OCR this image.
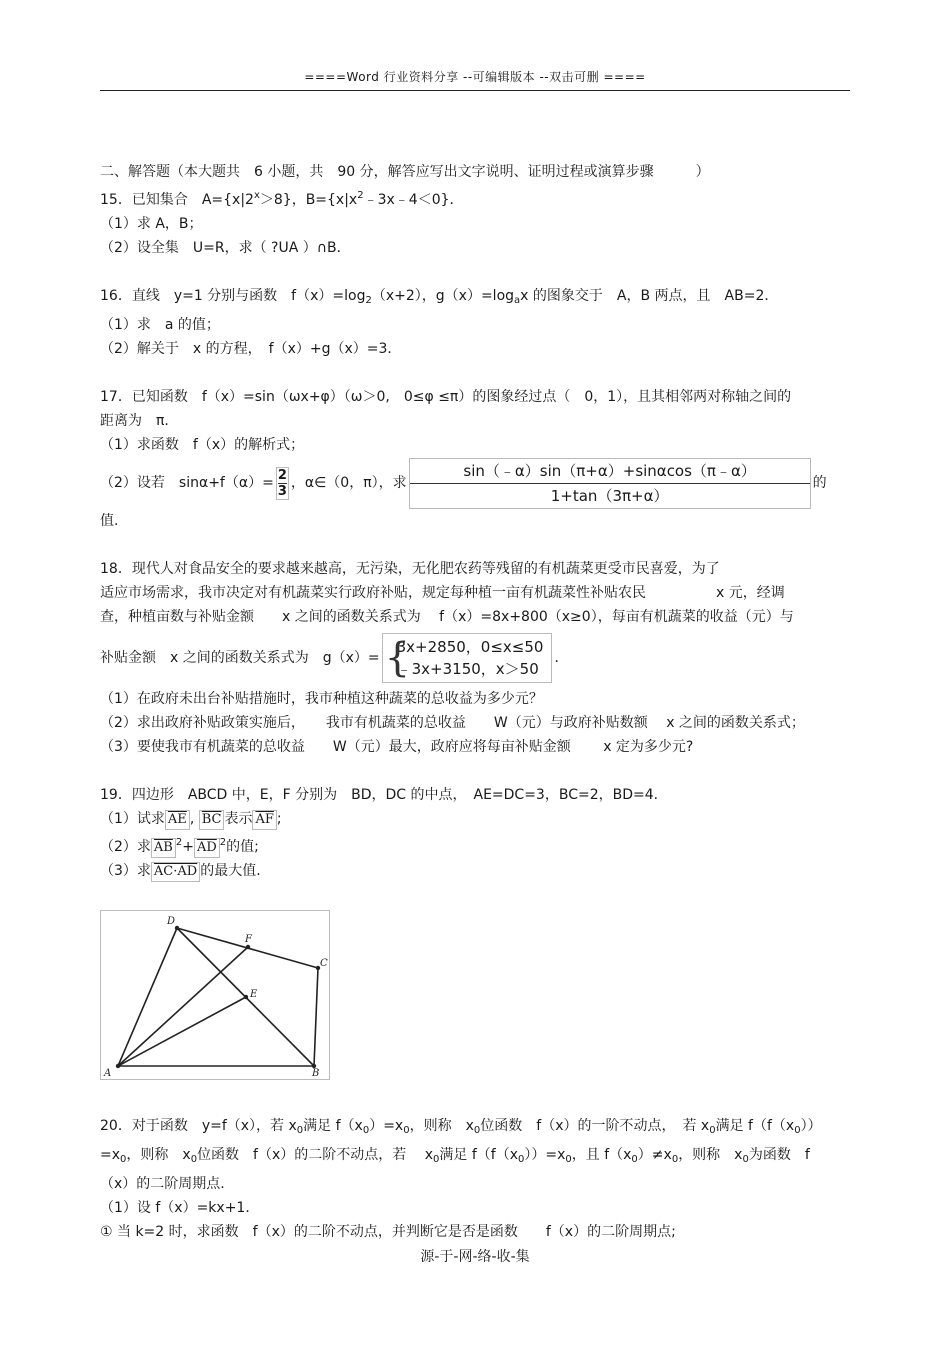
====Word 行业资料分享 --可编辑版本 --双击可删 ====
二、解答题（本大题共　6 小题，共　90 分，解答应写出文字说明、证明过程或演算步骤　　　）
15．已知集合　$A=\{x|2^x>8\}$，$B=\{x|x^2﹣3x﹣4<0\}$．
（1）求 A，B；
（2）设全集　U=R，求（ ?UA ）∩B．
16．直线　y=1 分别与函数　$f(x)=\log_2(x+2)$，$g(x)=\log_ax$ 的图象交于　A，B 两点，且　AB=2．
（1）求　a 的值；
（2）解关于　x 的方程，　f（x）+g（x）=3．
17．已知函数　f（x）=sin（ωx+φ）（ω＞0,　0≤φ ≤π）的图象经过点（　0，1），且其相邻两对称轴之间的
距离为　π.
（1）求函数　f（x）的解析式；
（2）设若　$\sin\alpha+f(\alpha)= \frac{2}{3}$ ，α∈（0，π），求 $\frac{\sin(﹣\alpha)\sin(\pi+\alpha)+\sin\alpha\cos(\pi﹣\alpha)}{1+\tan(3\pi+\alpha)}$ 的
值.
18．现代人对食品安全的要求越来越高，无污染，无化肥农药等残留的有机蔬菜更受市民喜爱，为了
适应市场需求，我市决定对有机蔬菜实行政府补贴，规定每种植一亩有机蔬菜性补贴农民　　　　　x 元，经调
查，种植亩数与补贴金额　　x 之间的函数关系式为　 f（x）=8x+800（x≥0），每亩有机蔬菜的收益（元）与
补贴金额　x 之间的函数关系式为　g（x）= {
3x+2850，0≤x≤50
﹣3x+3150，x＞50
．
（1）在政府未出台补贴措施时，我市种植这种蔬菜的总收益为多少元？
（2）求出政府补贴政策实施后，　　我市有机蔬菜的总收益　　W（元）与政府补贴数额　 x 之间的函数关系式；
（3）要使我市有机蔬菜的总收益　　W（元）最大，政府应将每亩补贴金额　　 x 定为多少元?
19．四边形　ABCD 中，E，F 分别为　BD，DC 的中点，　AE=DC=3，BC=2，BD=4．
（1）试求 $\overline{AE}$ , $\overline{BC}$ 表示 $\overline{AF}$ ;
（2）求 $\overline{AB}$ $^2+ \overline{AD}$ $^2$的值;
（3）求 AC·AD 的最大值.
A	B
C
D
E
F
20．对于函数　y=f（x），若 $x_0$满足 $f(x_0)=x_0$，则称　$x_0$位函数　f（x）的一阶不动点，　若 $x_0$满足 $f(f(x_0))$
$=x_0$，则称　$x_0$位函数　f（x）的二阶不动点，若　 $x_0$满足 $f(f(x_0))=x_0$，且 $f(x_0)\ne x_0$，则称　$x_0$为函数　f
（x）的二阶周期点.
（1）设 f（x）=kx+1．
① 当 k=2 时，求函数　f（x）的二阶不动点，并判断它是否是函数　　f（x）的二阶周期点;
源-于-网-络-收-集
